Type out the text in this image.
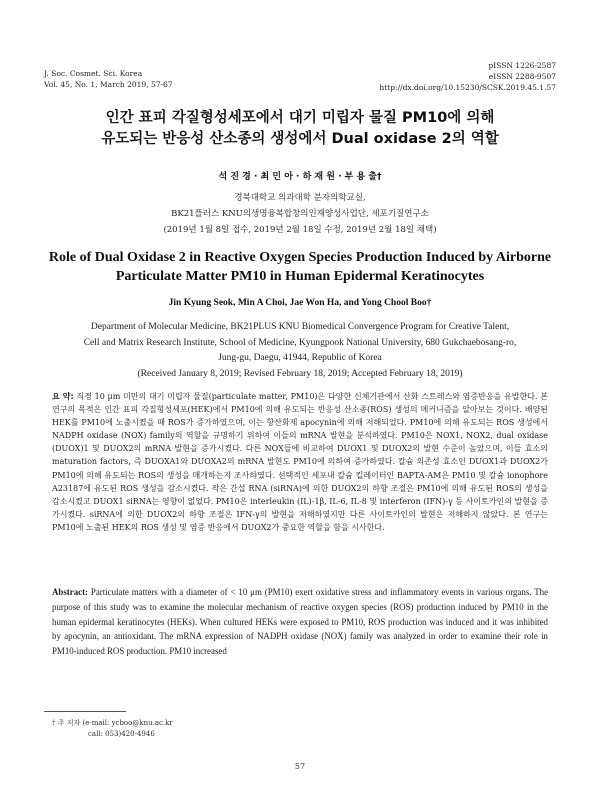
J. Soc. Cosmet. Sci. Korea
Vol. 45, No. 1, March 2019, 57-67
pISSN 1226-2587
eISSN 2288-9507
http://dx.doi.org/10.15230/SCSK.2019.45.1.57
인간 표피 각질형성세포에서 대기 미립자 물질 PM10에 의해
유도되는 반응성 산소종의 생성에서 Dual oxidase 2의 역할
석 진 경 · 최 민 아 · 하 재 원 · 부 용 출†
경북대학교 의과대학 분자의학교실,
BK21플러스 KNU의생명융복합창의인재양성사업단, 세포기질연구소
(2019년 1월 8일 접수, 2019년 2월 18일 수정, 2019년 2월 18일 채택)
Role of Dual Oxidase 2 in Reactive Oxygen Species Production Induced by Airborne
Particulate Matter PM10 in Human Epidermal Keratinocytes
Jin Kyung Seok, Min A Choi, Jae Won Ha, and Yong Chool Boo†
Department of Molecular Medicine, BK21PLUS KNU Biomedical Convergence Program for Creative Talent,
Cell and Matrix Research Institute, School of Medicine, Kyungpook National University, 680 Gukchaebosang-ro,
Jung-gu, Daegu, 41944, Republic of Korea
(Received January 8, 2019; Revised February 18, 2019; Accepted February 18, 2019)
요 약: 직경 10 μm 미만의 대기 미립자 물질(particulate matter, PM10)은 다양한 신체기관에서 산화 스트레스와 염증반응을 유발한다. 본 연구의 목적은 인간 표피 각질형성세포(HEK)에서 PM10에 의해 유도되는 반응성 산소종(ROS) 생성의 메커니즘을 알아보는 것이다. 배양된 HEK를 PM10에 노출시켰을 때 ROS가 증가하였으며, 이는 항산화제 apocynin에 의해 저해되었다. PM10에 의해 유도되는 ROS 생성에서 NADPH oxidase (NOX) family의 역할을 규명하기 위하여 이들의 mRNA 발현을 분석하였다. PM10은 NOX1, NOX2, dual oxidase (DUOX)1 및 DUOX2의 mRNA 발현을 증가시켰다. 다른 NOX들에 비교하여 DUOX1 및 DUOX2의 발현 수준이 높았으며, 이들 효소의 maturation factors, 즉 DUOXA1와 DUOXA2의 mRNA 발현도 PM10에 의하여 증가하였다. 칼슘 의존성 효소인 DUOX1과 DUOX2가 PM10에 의해 유도되는 ROS의 생성을 매개하는지 조사하였다. 선택적인 세포내 칼슘 킬레이터인 BAPTA-AM은 PM10 및 칼슘 ionophore A23187에 유도된 ROS 생성을 감소시켰다. 작은 간섭 RNA (siRNA)에 의한 DUOX2의 하향 조절은 PM10에 의해 유도된 ROS의 생성을 감소시켰고 DUOX1 siRNA는 영향이 없었다. PM10은 interleukin (IL)-1β, IL-6, IL-8 및 interferon (IFN)-γ 등 사이토카인의 발현을 증가시켰다. siRNA에 의한 DUOX2의 하향 조절은 IFN-γ의 발현을 저해하였지만 다른 사이토카인의 발현은 저해하지 않았다. 본 연구는 PM10에 노출된 HEK의 ROS 생성 및 염증 반응에서 DUOX2가 중요한 역할을 함을 시사한다.
Abstract: Particulate matters with a diameter of < 10 μm (PM10) exert oxidative stress and inflammatory events in various organs. The purpose of this study was to examine the molecular mechanism of reactive oxygen species (ROS) production induced by PM10 in the human epidermal keratinocytes (HEKs). When cultured HEKs were exposed to PM10, ROS production was induced and it was inhibited by apocynin, an antioxidant. The mRNA expression of NADPH oxidase (NOX) family was analyzed in order to examine their role in PM10-induced ROS production. PM10 increased
† 주 저자 (e-mail: ycboo@knu.ac.kr
call: 053)420-4946
57
